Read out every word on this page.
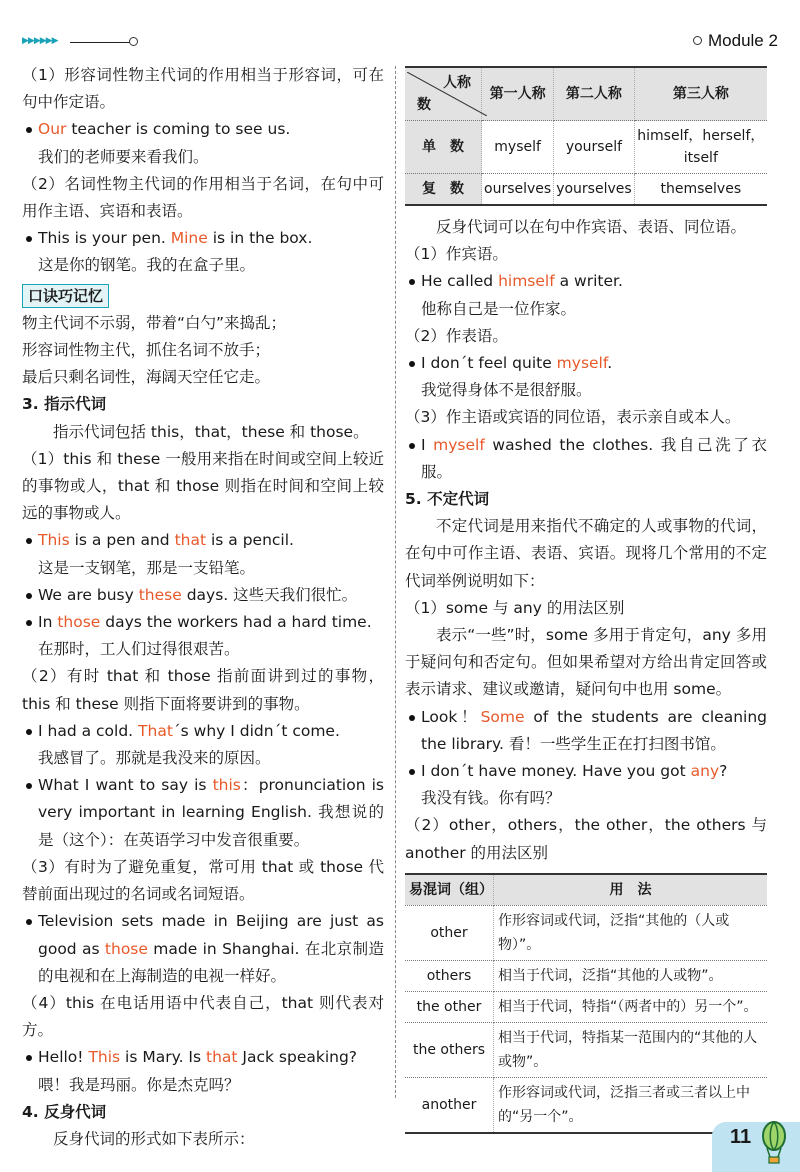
▶▶▶▶▶▶	Module 2

（1）形容词性物主代词的作用相当于形容词，可在句中作定语。

Our teacher is coming to see us.

我们的老师要来看我们。

（2）名词性物主代词的作用相当于名词，在句中可用作主语、宾语和表语。

This is your pen. Mine is in the box.

这是你的钢笔。我的在盒子里。

口诀巧记忆

物主代词不示弱，带着“白勺”来捣乱；

形容词性物主代，抓住名词不放手；

最后只剩名词性，海阔天空任它走。

3. 指示代词

指示代词包括 this，that，these 和 those。

（1）this 和 these 一般用来指在时间或空间上较近的事物或人，that 和 those 则指在时间和空间上较远的事物或人。

This is a pen and that is a pencil.

这是一支钢笔，那是一支铅笔。

We are busy these days. 这些天我们很忙。

In those days the workers had a hard time.

在那时，工人们过得很艰苦。

（2）有时 that 和 those 指前面讲到过的事物，this 和 these 则指下面将要讲到的事物。

I had a cold. That´s why I didn´t come.

我感冒了。那就是我没来的原因。

What I want to say is this：pronunciation is very important in learning English. 我想说的是（这个）：在英语学习中发音很重要。

（3）有时为了避免重复，常可用 that 或 those 代替前面出现过的名词或名词短语。

Television sets made in Beijing are just as good as those made in Shanghai. 在北京制造的电视和在上海制造的电视一样好。

（4）this 在电话用语中代表自己，that 则代表对方。

Hello! This is Mary. Is that Jack speaking?

喂！我是玛丽。你是杰克吗？

4. 反身代词

反身代词的形式如下表所示：

人称
数	第一人称	第二人称	第三人称
单　数	myself	yourself	himself，herself，itself
复　数	ourselves	yourselves	themselves

反身代词可以在句中作宾语、表语、同位语。

（1）作宾语。

He called himself a writer.

他称自己是一位作家。

（2）作表语。

I don´t feel quite myself.

我觉得身体不是很舒服。

（3）作主语或宾语的同位语，表示亲自或本人。

I myself washed the clothes. 我自己洗了衣服。

5. 不定代词

不定代词是用来指代不确定的人或事物的代词，在句中可作主语、表语、宾语。现将几个常用的不定代词举例说明如下：

（1）some 与 any 的用法区别

表示“一些”时，some 多用于肯定句，any 多用于疑问句和否定句。但如果希望对方给出肯定回答或表示请求、建议或邀请，疑问句中也用 some。

Look！Some of the students are cleaning the library. 看！一些学生正在打扫图书馆。

I don´t have money. Have you got any?

我没有钱。你有吗？

（2）other，others，the other，the others 与 another 的用法区别

易混词（组）	用　法
other	作形容词或代词，泛指“其他的（人或物）”。
others	相当于代词，泛指“其他的人或物”。
the other	相当于代词，特指“（两者中的）另一个”。
the others	相当于代词，特指某一范围内的“其他的人或物”。
another	作形容词或代词，泛指三者或三者以上中的“另一个”。
11
